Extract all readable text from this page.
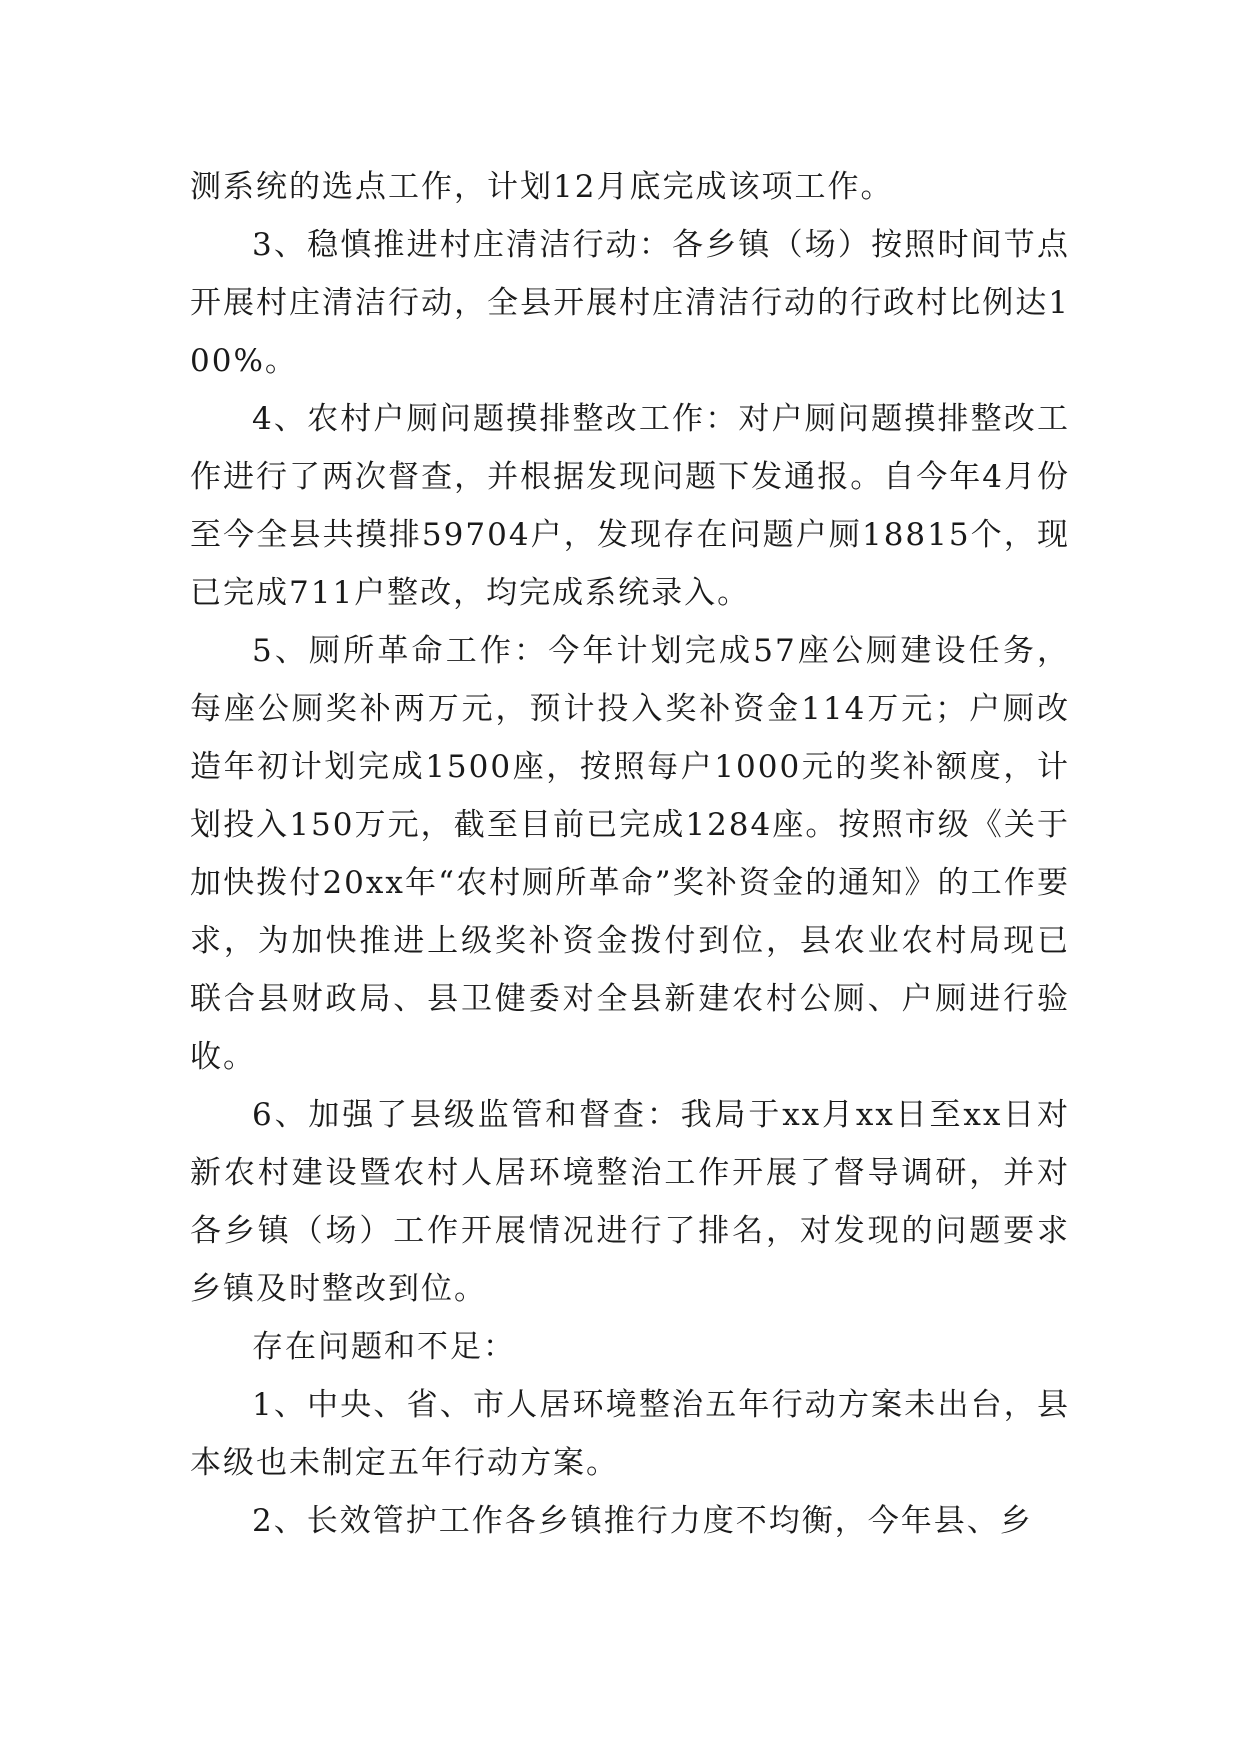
测系统的选点工作，计划12月底完成该项工作。

3、稳慎推进村庄清洁行动：各乡镇（场）按照时间节点开展村庄清洁行动，全县开展村庄清洁行动的行政村比例达100%。

4、农村户厕问题摸排整改工作：对户厕问题摸排整改工作进行了两次督查，并根据发现问题下发通报。自今年4月份至今全县共摸排59704户，发现存在问题户厕18815个，现已完成711户整改，均完成系统录入。

5、厕所革命工作：今年计划完成57座公厕建设任务，每座公厕奖补两万元，预计投入奖补资金114万元；户厕改造年初计划完成1500座，按照每户1000元的奖补额度，计划投入150万元，截至目前已完成1284座。按照市级《关于加快拨付20xx年“农村厕所革命”奖补资金的通知》的工作要求，为加快推进上级奖补资金拨付到位，县农业农村局现已联合县财政局、县卫健委对全县新建农村公厕、户厕进行验收。

6、加强了县级监管和督查：我局于xx月xx日至xx日对新农村建设暨农村人居环境整治工作开展了督导调研，并对各乡镇（场）工作开展情况进行了排名，对发现的问题要求乡镇及时整改到位。

存在问题和不足：

1、中央、省、市人居环境整治五年行动方案未出台，县本级也未制定五年行动方案。

2、长效管护工作各乡镇推行力度不均衡，今年县、乡
